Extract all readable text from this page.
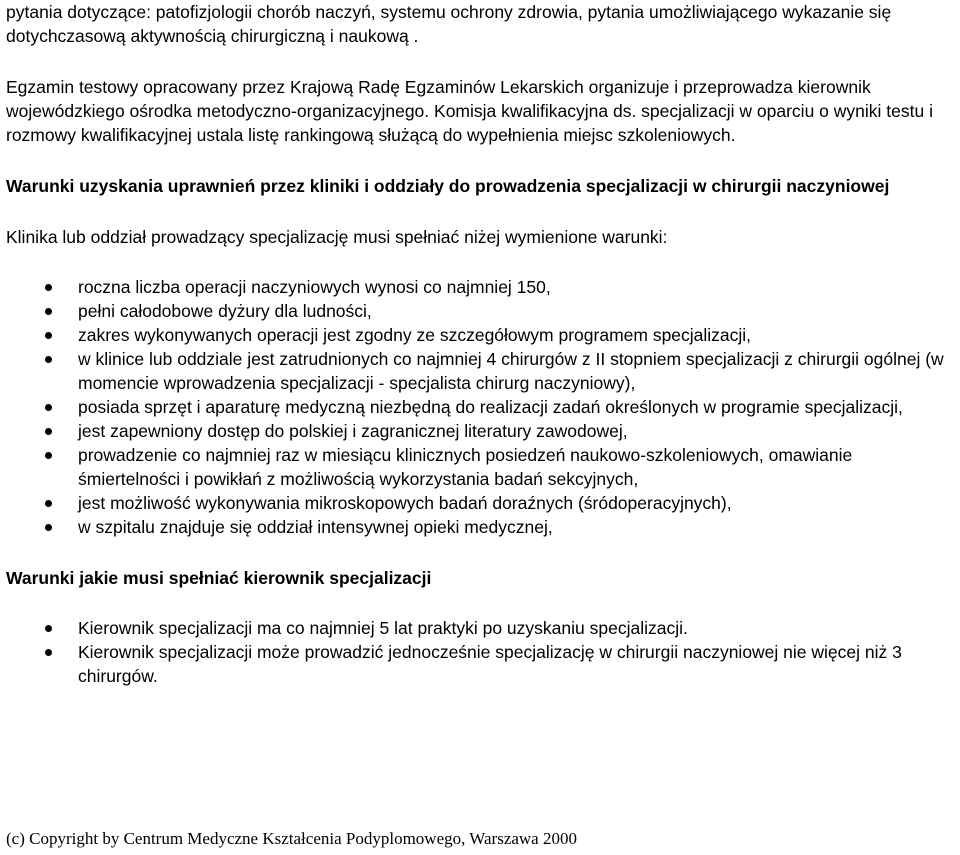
pytania dotyczące: patofizjologii chorób naczyń, systemu ochrony zdrowia, pytania umożliwiającego wykazanie się dotychczasową aktywnością chirurgiczną i naukową .

Egzamin testowy opracowany przez Krajową Radę Egzaminów Lekarskich organizuje i przeprowadza kierownik wojewódzkiego ośrodka metodyczno-organizacyjnego. Komisja kwalifikacyjna ds. specjalizacji w oparciu o wyniki testu i rozmowy kwalifikacyjnej ustala listę rankingową służącą do wypełnienia miejsc szkoleniowych.

Warunki uzyskania uprawnień przez kliniki i oddziały do prowadzenia specjalizacji w chirurgii naczyniowej

Klinika lub oddział prowadzący specjalizację musi spełniać niżej wymienione warunki:

roczna liczba operacji naczyniowych wynosi co najmniej 150,
pełni całodobowe dyżury dla ludności,
zakres wykonywanych operacji jest zgodny ze szczegółowym programem specjalizacji,
w klinice lub oddziale jest zatrudnionych co najmniej 4 chirurgów z II stopniem specjalizacji z chirurgii ogólnej (w momencie wprowadzenia specjalizacji - specjalista chirurg naczyniowy),
posiada sprzęt i aparaturę medyczną niezbędną do realizacji zadań określonych w programie specjalizacji,
jest zapewniony dostęp do polskiej i zagranicznej literatury zawodowej,
prowadzenie co najmniej raz w miesiącu klinicznych posiedzeń naukowo-szkoleniowych, omawianie śmiertelności i powikłań z możliwością wykorzystania badań sekcyjnych,
jest możliwość wykonywania mikroskopowych badań doraźnych (śródoperacyjnych),
w szpitalu znajduje się oddział intensywnej opieki medycznej,

Warunki jakie musi spełniać kierownik specjalizacji

Kierownik specjalizacji ma co najmniej 5 lat praktyki po uzyskaniu specjalizacji.
Kierownik specjalizacji może prowadzić jednocześnie specjalizację w chirurgii naczyniowej nie więcej niż 3 chirurgów.

(c) Copyright by Centrum Medyczne Kształcenia Podyplomowego, Warszawa 2000
